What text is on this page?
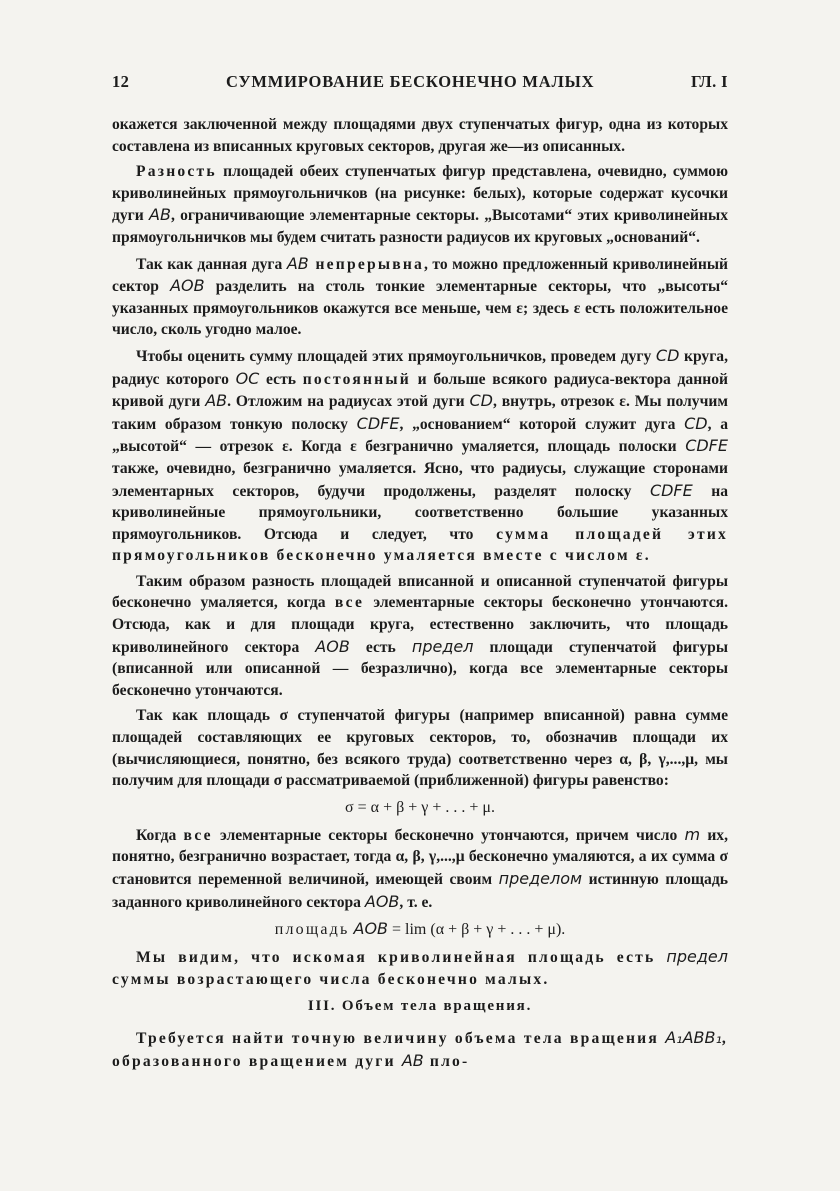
12	СУММИРОВАНИЕ БЕСКОНЕЧНО МАЛЫХ	ГЛ. I

окажется заключенной между площадями двух ступенчатых фигур, одна из которых составлена из вписанных круговых секторов, другая же—из описанных.

Разность площадей обеих ступенчатых фигур представлена, очевидно, суммою криволинейных прямоугольничков (на рисунке: белых), которые содержат кусочки дуги AB, ограничивающие элементарные секторы. „Высотами“ этих криволинейных прямоугольничков мы будем считать разности радиусов их круговых „оснований“.

Так как данная дуга AB непрерывна, то можно предложенный криволинейный сектор AOB разделить на столь тонкие элементарные секторы, что „высоты“ указанных прямоугольников окажутся все меньше, чем ε; здесь ε есть положительное число, сколь угодно малое.

Чтобы оценить сумму площадей этих прямоугольничков, проведем дугу CD круга, радиус которого OC есть постоянный и больше всякого радиуса-вектора данной кривой дуги AB. Отложим на радиусах этой дуги CD, внутрь, отрезок ε. Мы получим таким образом тонкую полоску CDFE, „основанием“ которой служит дуга CD, а „высотой“ — отрезок ε. Когда ε безгранично умаляется, площадь полоски CDFE также, очевидно, безгранично умаляется. Ясно, что радиусы, служащие сторонами элементарных секторов, будучи продолжены, разделят полоску CDFE на криволинейные прямоугольники, соответственно большие указанных прямоугольников. Отсюда и следует, что сумма площадей этих прямоугольников бесконечно умаляется вместе с числом ε.

Таким образом разность площадей вписанной и описанной ступенчатой фигуры бесконечно умаляется, когда все элементарные секторы бесконечно утончаются. Отсюда, как и для площади круга, естественно заключить, что площадь криволинейного сектора AOB есть предел площади ступенчатой фигуры (вписанной или описанной — безразлично), когда все элементарные секторы бесконечно утончаются.

Так как площадь σ ступенчатой фигуры (например вписанной) равна сумме площадей составляющих ее круговых секторов, то, обозначив площади их (вычисляющиеся, понятно, без всякого труда) соответственно через α, β, γ,...,μ, мы получим для площади σ рассматриваемой (приближенной) фигуры равенство:

σ = α + β + γ + . . . + μ.

Когда все элементарные секторы бесконечно утончаются, причем число m их, понятно, безгранично возрастает, тогда α, β, γ,...,μ бесконечно умаляются, а их сумма σ становится переменной величиной, имеющей своим пределом истинную площадь заданного криволинейного сектора AOB, т. е.

площадь AOB = lim (α + β + γ + . . . + μ).

Мы видим, что искомая криволинейная площадь есть предел суммы возрастающего числа бесконечно малых.

III. Объем тела вращения.

Требуется найти точную величину объема тела вращения A₁ABB₁, образованного вращением дуги AB пло-
